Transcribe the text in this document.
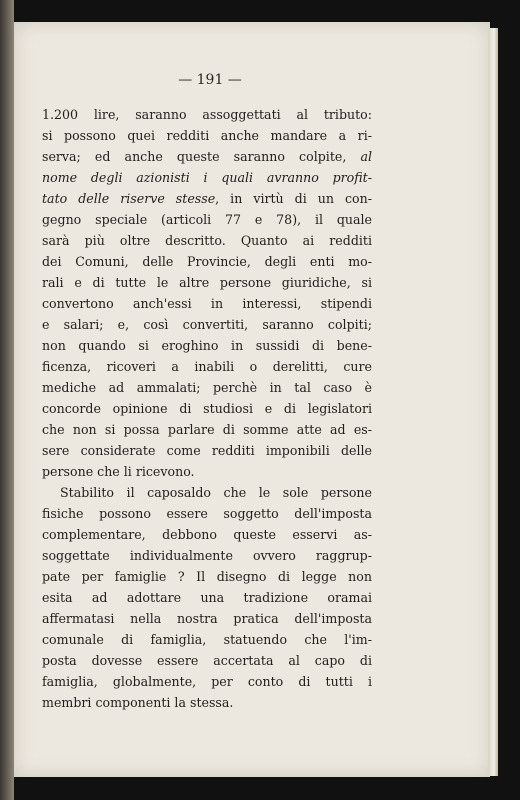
— 191 —
1.200 lire, saranno assoggettati al tributo:
si possono quei redditi anche mandare a ri-
serva; ed anche queste saranno colpite, al
nome degli azionisti i quali avranno profit-
tato delle riserve stesse, in virtù di un con-
gegno speciale (articoli 77 e 78), il quale
sarà più oltre descritto. Quanto ai redditi
dei Comuni, delle Provincie, degli enti mo-
rali e di tutte le altre persone giuridiche, si
convertono anch'essi in interessi, stipendi
e salari; e, così convertiti, saranno colpiti;
non quando si eroghino in sussidi di bene-
ficenza, ricoveri a inabili o derelitti, cure
mediche ad ammalati; perchè in tal caso è
concorde opinione di studiosi e di legislatori
che non si possa parlare di somme atte ad es-
sere considerate come redditi imponibili delle
persone che li ricevono.
Stabilito il caposaldo che le sole persone
fisiche possono essere soggetto dell'imposta
complementare, debbono queste esservi as-
soggettate individualmente ovvero raggrup-
pate per famiglie ? Il disegno di legge non
esita ad adottare una tradizione oramai
affermatasi nella nostra pratica dell'imposta
comunale di famiglia, statuendo che l'im-
posta dovesse essere accertata al capo di
famiglia, globalmente, per conto di tutti i
membri componenti la stessa.
